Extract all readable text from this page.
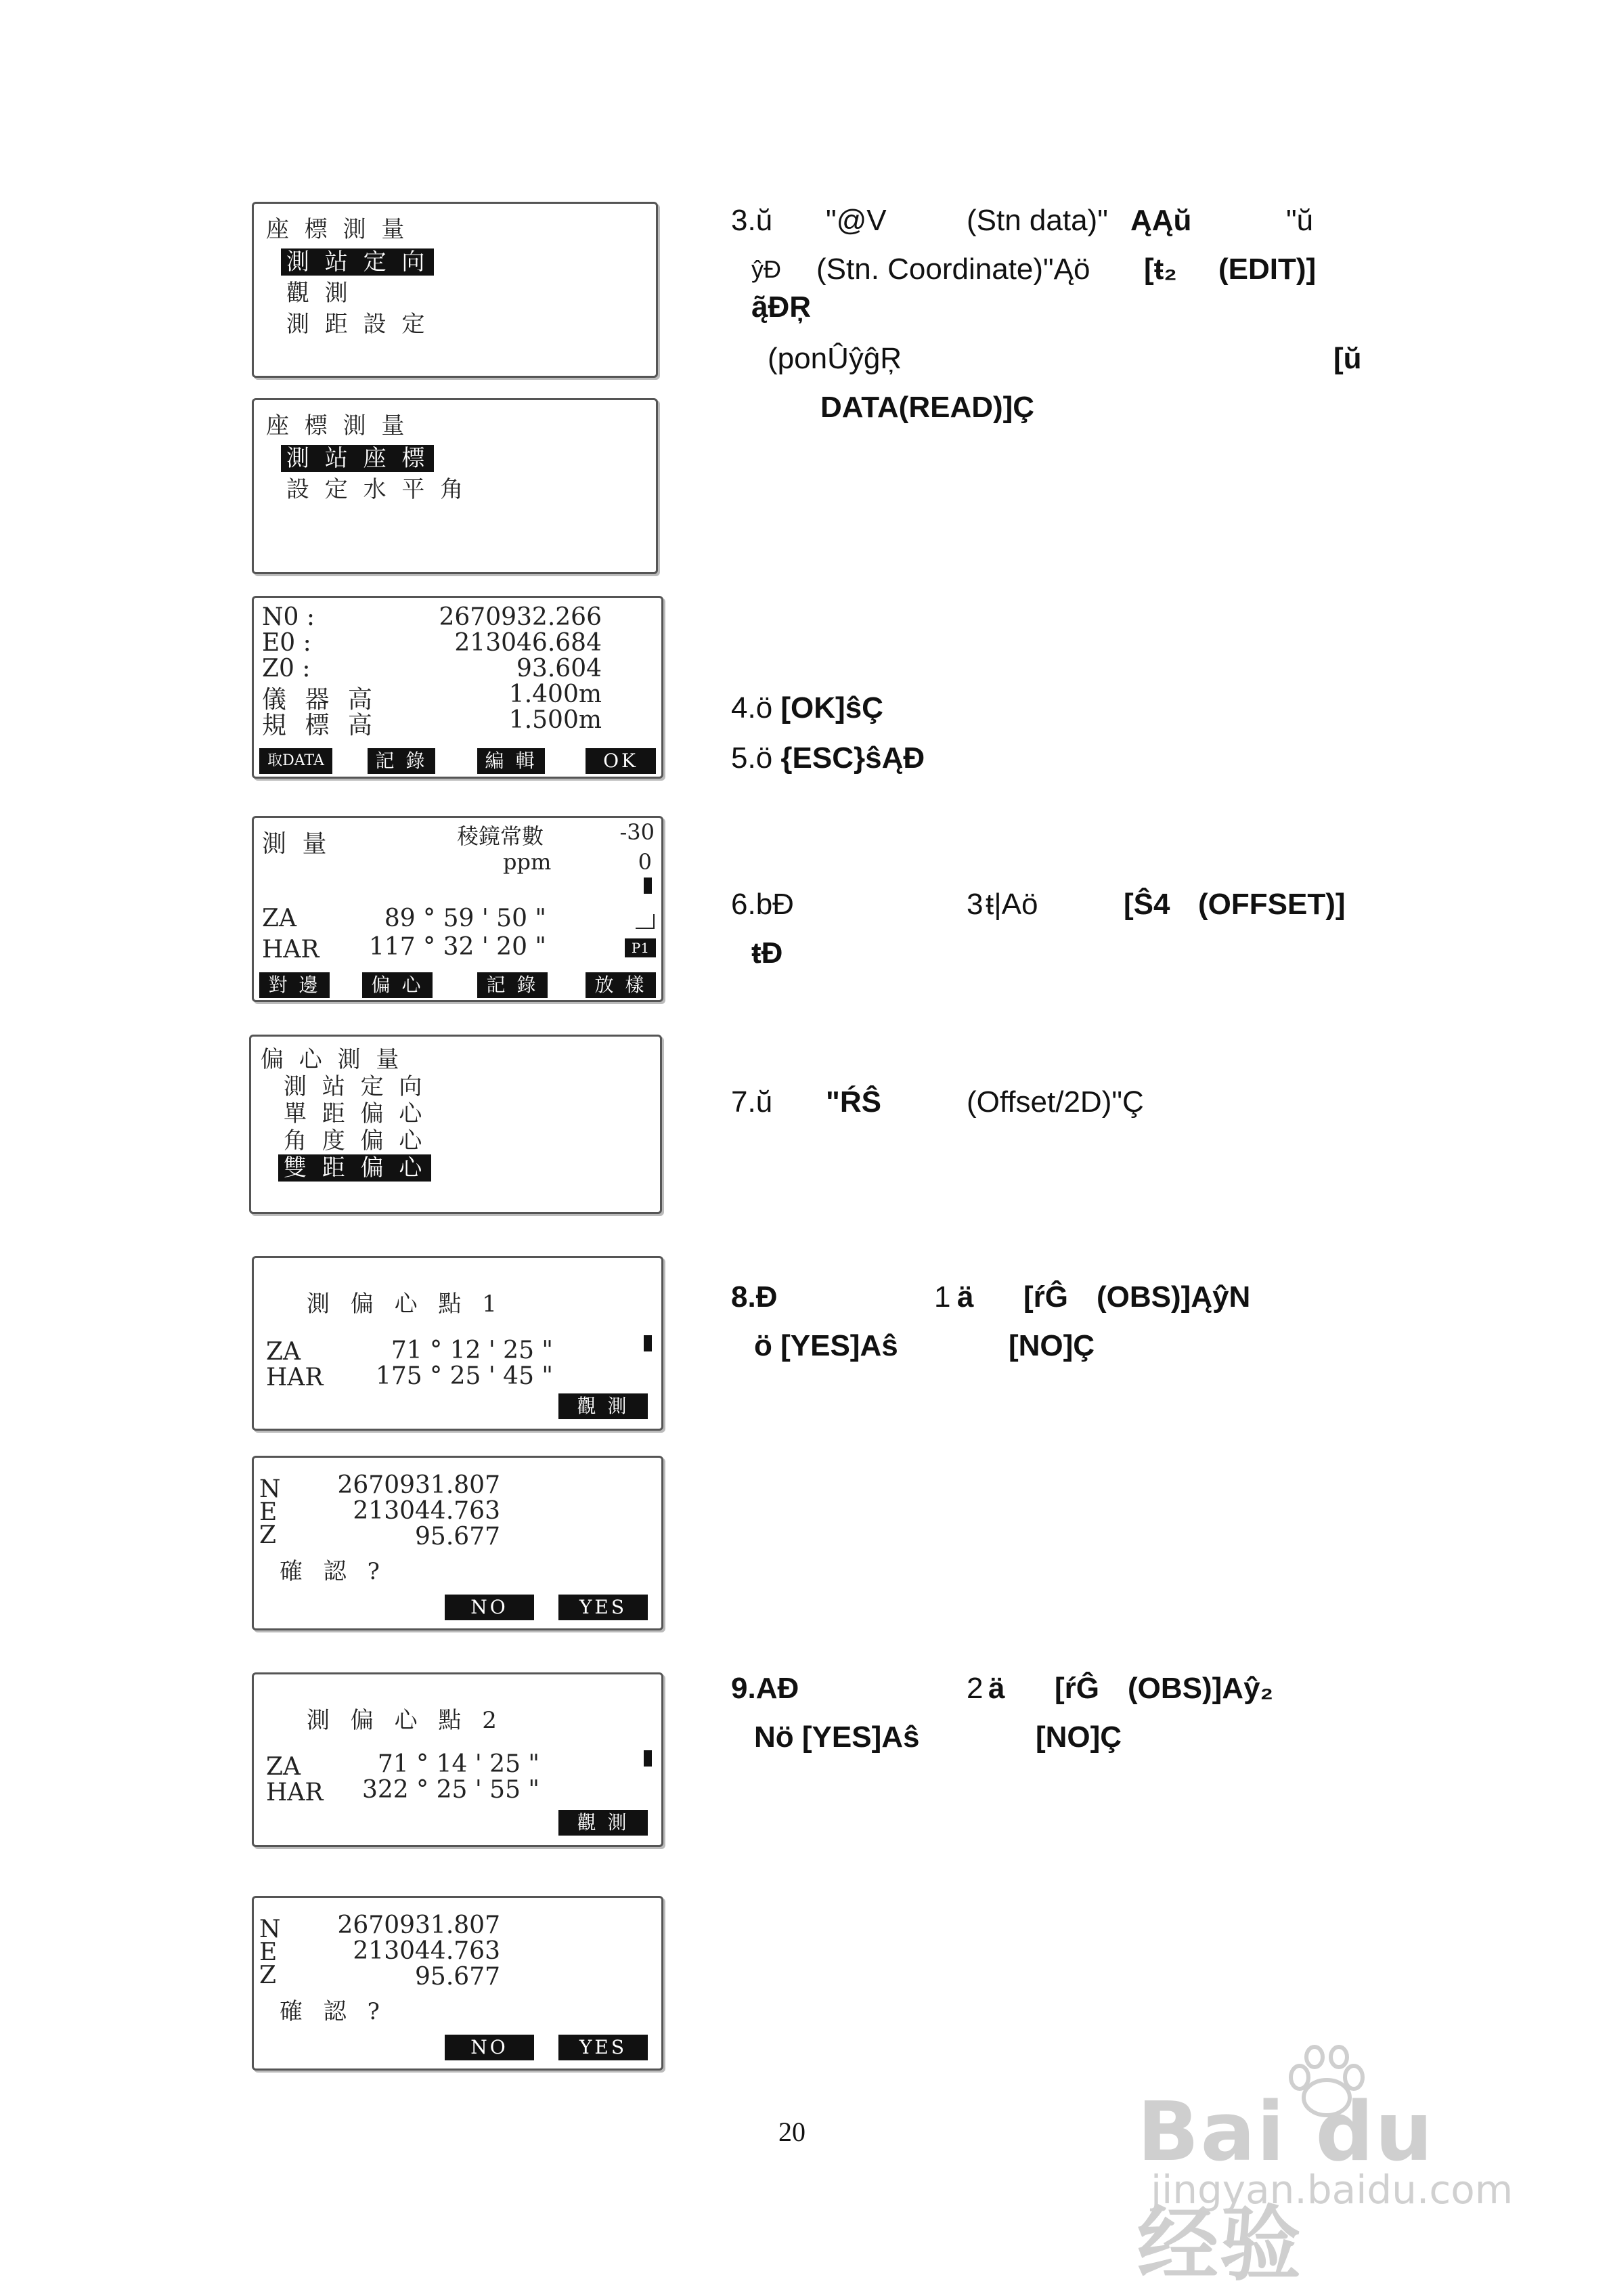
座 標 測 量
測 站 定 向
觀 測
測 距 設 定
座 標 測 量
測 站 座 標
設 定 水 平 角
N0 :	2670932.266
E0 :	213046.684
Z0 :	93.604
儀 器 高	1.400m
規 標 高	1.500m
取DATA	記 錄	編 輯	OK
測 量	稜鏡常數	-30
ppm	0
ZA	89 ° 59 ' 50 "
HAR 117 ° 32 ' 20 "	P1
對 邊	偏 心	記 錄	放 樣
偏 心 測 量
測 站 定 向
單 距 偏 心
角 度 偏 心
雙 距 偏 心
測 偏 心 點 1
ZA	71 ° 12 ' 25 "
HAR 175 ° 25 ' 45 "
觀 測
N 2670931.807
E	213044.763
Z	95.677
確 認 ?
NO	YES
測 偏 心 點 2
ZA	71 ° 14 ' 25 "
HAR 322 ° 25 ' 55 "
觀 測
N 2670931.807
E	213044.763
Z	95.677
確 認 ?
NO	YES
3.ŭ "@V	(Stn data)" ĄĄŭ	"ŭ
ŷĐ (Stn. Coordinate)"Ąö [ŧ₂ (EDIT)]
ą̃ĐŖ
(ponÛŷĝŖ	[ŭ
DATA(READ)]Ç
4.ö [OK]ŝÇ
5.ö {ESC}ŝĄĐ
6.bĐ	3 ŧ|Aö	[Ŝ4 (OFFSET)]
ŧĐ
7.ŭ "ŔŜ	(Offset/2D)"Ç
8.Đ	1 ä [ŕĜ (OBS)]ĄŷN
ö [YES]Aŝ	[NO]Ç
9.AĐ	2 ä [ŕĜ (OBS)]Aŷ₂
Nö [YES]Aŝ	[NO]Ç
20	Bai du 经验
jingyan.baidu.com
